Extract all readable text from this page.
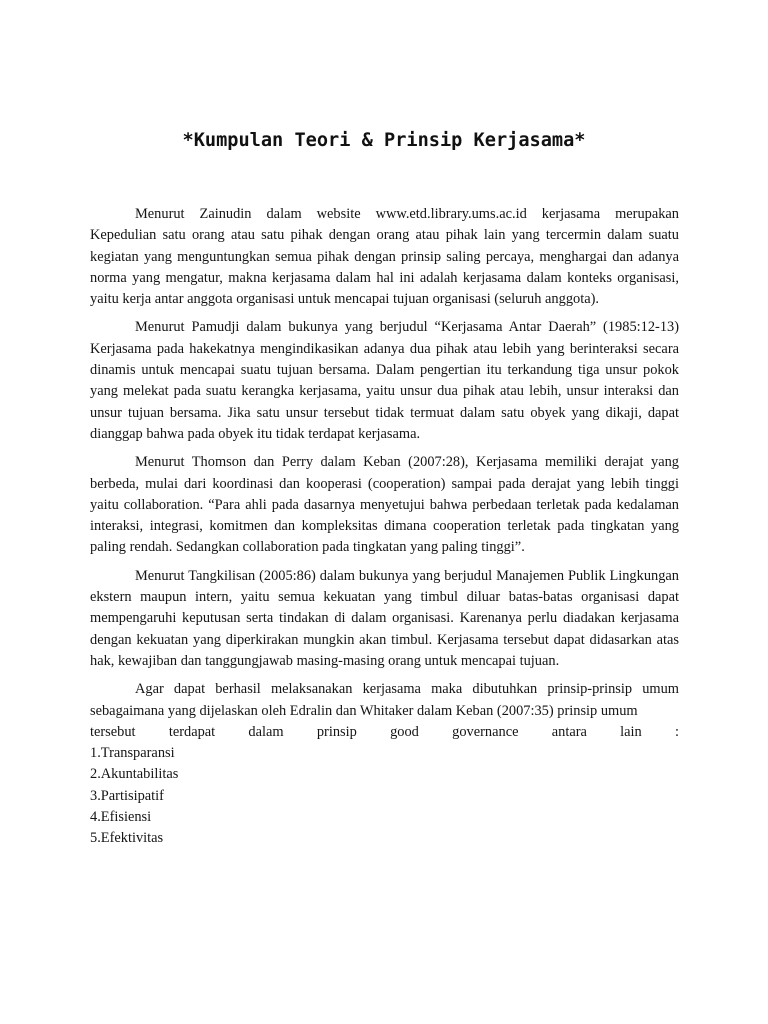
*Kumpulan Teori & Prinsip Kerjasama*

Menurut Zainudin dalam website www.etd.library.ums.ac.id kerjasama merupakan Kepedulian satu orang atau satu pihak dengan orang atau pihak lain yang tercermin dalam suatu kegiatan yang menguntungkan semua pihak dengan prinsip saling percaya, menghargai dan adanya norma yang mengatur, makna kerjasama dalam hal ini adalah kerjasama dalam konteks organisasi, yaitu kerja antar anggota organisasi untuk mencapai tujuan organisasi (seluruh anggota).

Menurut Pamudji dalam bukunya yang berjudul “Kerjasama Antar Daerah” (1985:12-13) Kerjasama pada hakekatnya mengindikasikan adanya dua pihak atau lebih yang berinteraksi secara dinamis untuk mencapai suatu tujuan bersama. Dalam pengertian itu terkandung tiga unsur pokok yang melekat pada suatu kerangka kerjasama, yaitu unsur dua pihak atau lebih, unsur interaksi dan unsur tujuan bersama. Jika satu unsur tersebut tidak termuat dalam satu obyek yang dikaji, dapat dianggap bahwa pada obyek itu tidak terdapat kerjasama.

Menurut Thomson dan Perry dalam Keban (2007:28), Kerjasama memiliki derajat yang berbeda, mulai dari koordinasi dan kooperasi (cooperation) sampai pada derajat yang lebih tinggi yaitu collaboration. “Para ahli pada dasarnya menyetujui bahwa perbedaan terletak pada kedalaman interaksi, integrasi, komitmen dan kompleksitas dimana cooperation terletak pada tingkatan yang paling rendah. Sedangkan collaboration pada tingkatan yang paling tinggi”.

Menurut Tangkilisan (2005:86) dalam bukunya yang berjudul Manajemen Publik Lingkungan ekstern maupun intern, yaitu semua kekuatan yang timbul diluar batas-batas organisasi dapat mempengaruhi keputusan serta tindakan di dalam organisasi. Karenanya perlu diadakan kerjasama dengan kekuatan yang diperkirakan mungkin akan timbul. Kerjasama tersebut dapat didasarkan atas hak, kewajiban dan tanggungjawab masing-masing orang untuk mencapai tujuan.

Agar dapat berhasil melaksanakan kerjasama maka dibutuhkan prinsip-prinsip umum sebagaimana yang dijelaskan oleh Edralin dan Whitaker dalam Keban (2007:35) prinsip umum
tersebut terdapat dalam prinsip good governance antara lain :
1.Transparansi
2.Akuntabilitas
3.Partisipatif
4.Efisiensi
5.Efektivitas
